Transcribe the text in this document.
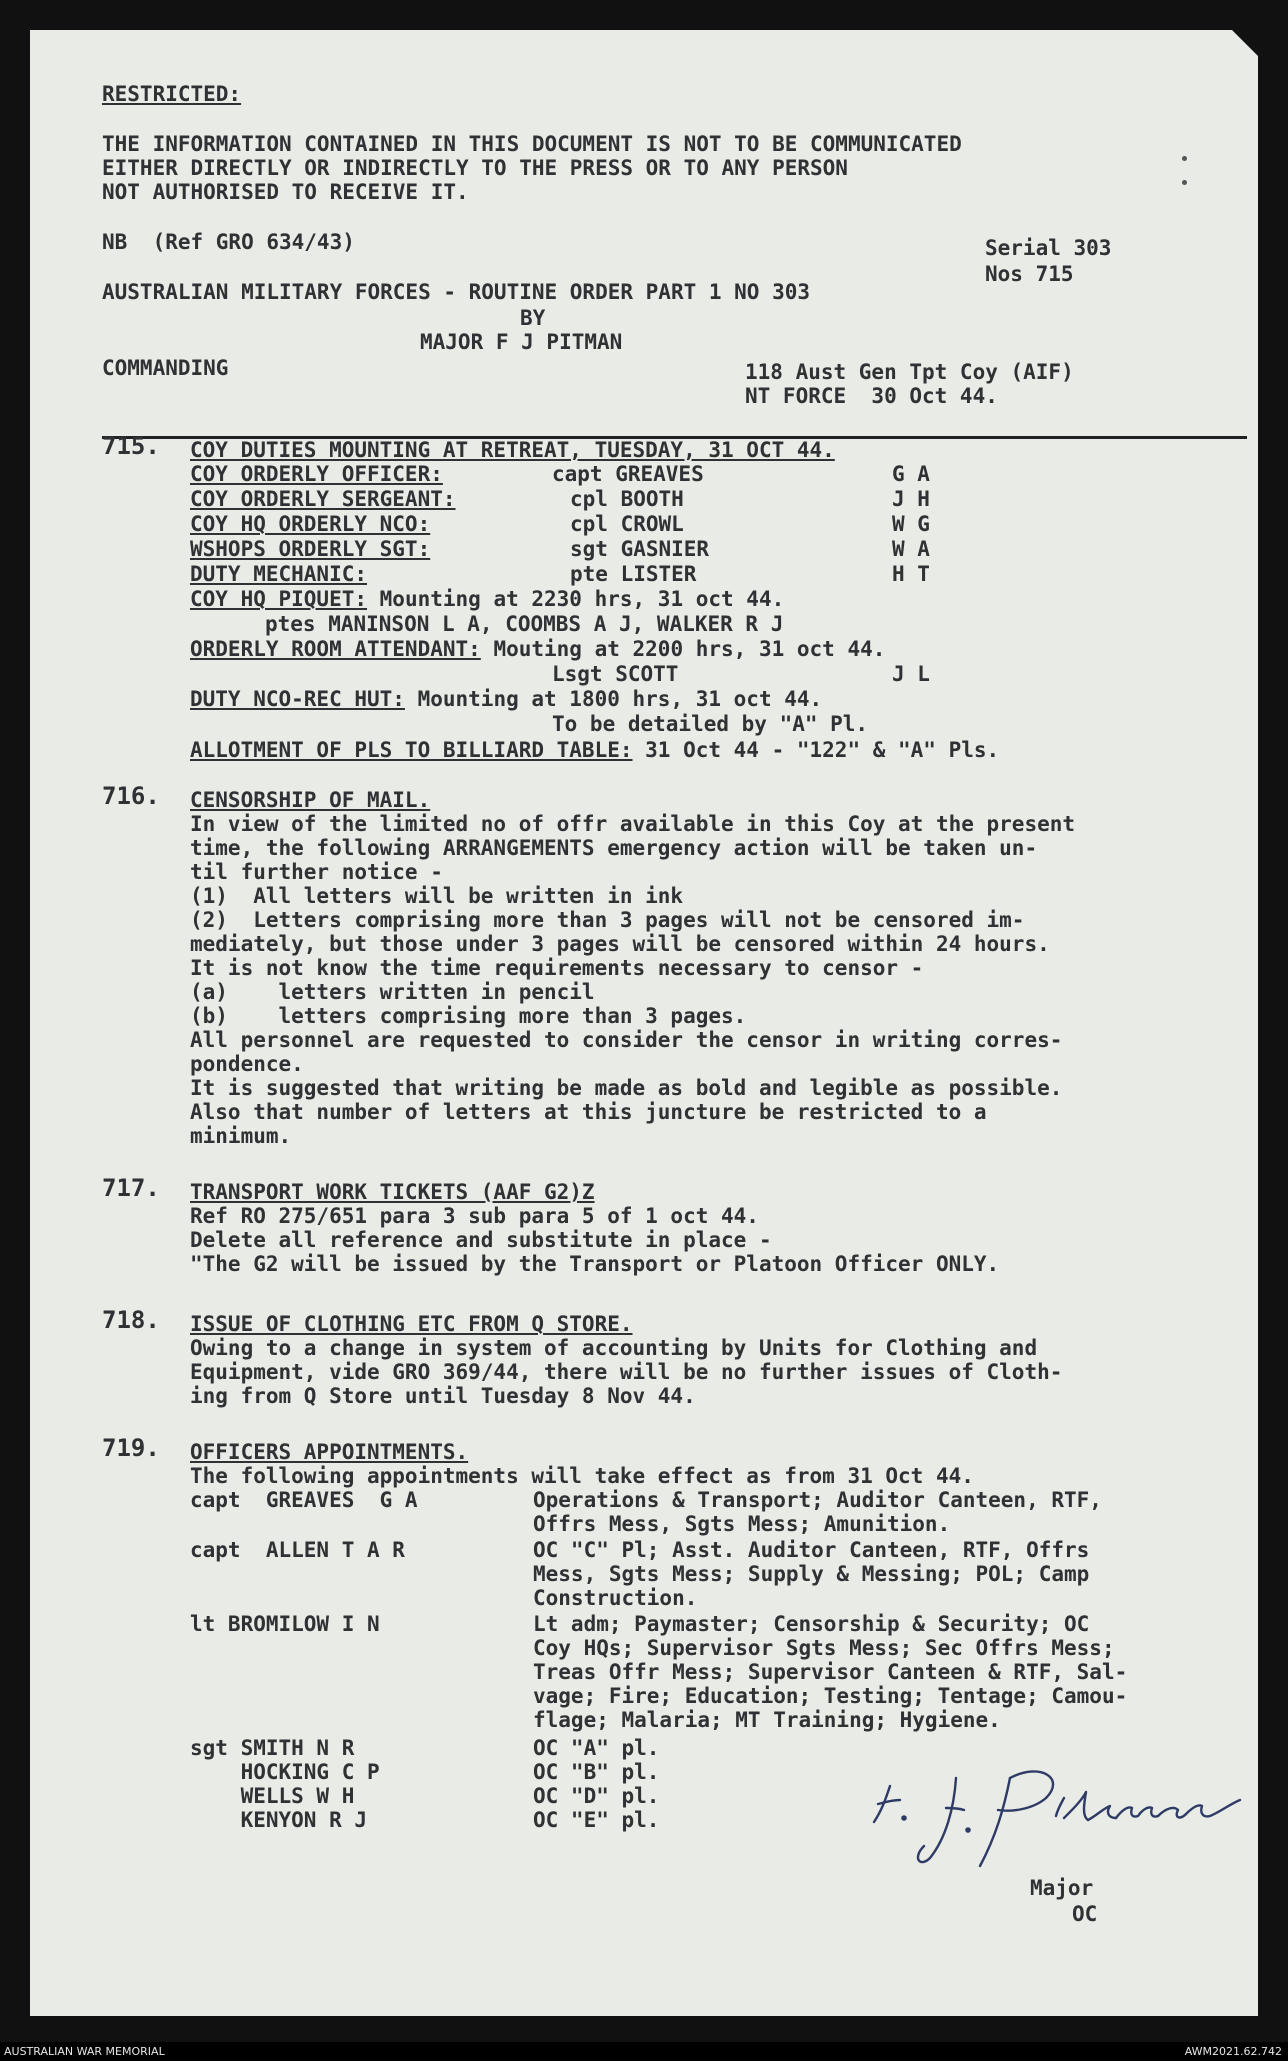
RESTRICTED:
THE INFORMATION CONTAINED IN THIS DOCUMENT IS NOT TO BE COMMUNICATED
EITHER DIRECTLY OR INDIRECTLY TO THE PRESS OR TO ANY PERSON
NOT AUTHORISED TO RECEIVE IT.
NB  (Ref GRO 634/43)	Serial 303
Nos 715
AUSTRALIAN MILITARY FORCES - ROUTINE ORDER PART 1 NO 303
BY
MAJOR F J PITMAN
COMMANDING	118 Aust Gen Tpt Coy (AIF)
NT FORCE  30 Oct 44.
715. COY DUTIES MOUNTING AT RETREAT, TUESDAY, 31 OCT 44.
COY ORDERLY OFFICER:	capt GREAVES	G A
COY ORDERLY SERGEANT:	cpl BOOTH	J H
COY HQ ORDERLY NCO:	cpl CROWL	W G
WSHOPS ORDERLY SGT:	sgt GASNIER	W A
DUTY MECHANIC:	pte LISTER	H T
COY HQ PIQUET: Mounting at 2230 hrs, 31 oct 44.
ptes MANINSON L A, COOMBS A J, WALKER R J
ORDERLY ROOM ATTENDANT: Mouting at 2200 hrs, 31 oct 44.
Lsgt SCOTT	J L
DUTY NCO-REC HUT: Mounting at 1800 hrs, 31 oct 44.
To be detailed by "A" Pl.
ALLOTMENT OF PLS TO BILLIARD TABLE: 31 Oct 44 - "122" & "A" Pls.
716. CENSORSHIP OF MAIL.
In view of the limited no of offr available in this Coy at the present
time, the following ARRANGEMENTS emergency action will be taken un-
til further notice -
(1)  All letters will be written in ink
(2)  Letters comprising more than 3 pages will not be censored im-
mediately, but those under 3 pages will be censored within 24 hours.
It is not know the time requirements necessary to censor -
(a)    letters written in pencil
(b)    letters comprising more than 3 pages.
All personnel are requested to consider the censor in writing corres-
pondence.
It is suggested that writing be made as bold and legible as possible.
Also that number of letters at this juncture be restricted to a
minimum.
717. TRANSPORT WORK TICKETS (AAF G2)Z
Ref RO 275/651 para 3 sub para 5 of 1 oct 44.
Delete all reference and substitute in place -
"The G2 will be issued by the Transport or Platoon Officer ONLY.
718. ISSUE OF CLOTHING ETC FROM Q STORE.
Owing to a change in system of accounting by Units for Clothing and
Equipment, vide GRO 369/44, there will be no further issues of Cloth-
ing from Q Store until Tuesday 8 Nov 44.
719. OFFICERS APPOINTMENTS.
The following appointments will take effect as from 31 Oct 44.
capt  GREAVES  G A	Operations & Transport; Auditor Canteen, RTF,
Offrs Mess, Sgts Mess; Amunition.
capt  ALLEN T A R	OC "C" Pl; Asst. Auditor Canteen, RTF, Offrs
Mess, Sgts Mess; Supply & Messing; POL; Camp
Construction.
lt BROMILOW I N	Lt adm; Paymaster; Censorship & Security; OC
Coy HQs; Supervisor Sgts Mess; Sec Offrs Mess;
Treas Offr Mess; Supervisor Canteen & RTF, Sal-
vage; Fire; Education; Testing; Tentage; Camou-
flage; Malaria; MT Training; Hygiene.
sgt SMITH N R	OC "A" pl.
HOCKING C P	OC "B" pl.
WELLS W H	OC "D" pl.
KENYON R J	OC "E" pl.
Major
OC
AUSTRALIAN WAR MEMORIAL	AWM2021.62.742
